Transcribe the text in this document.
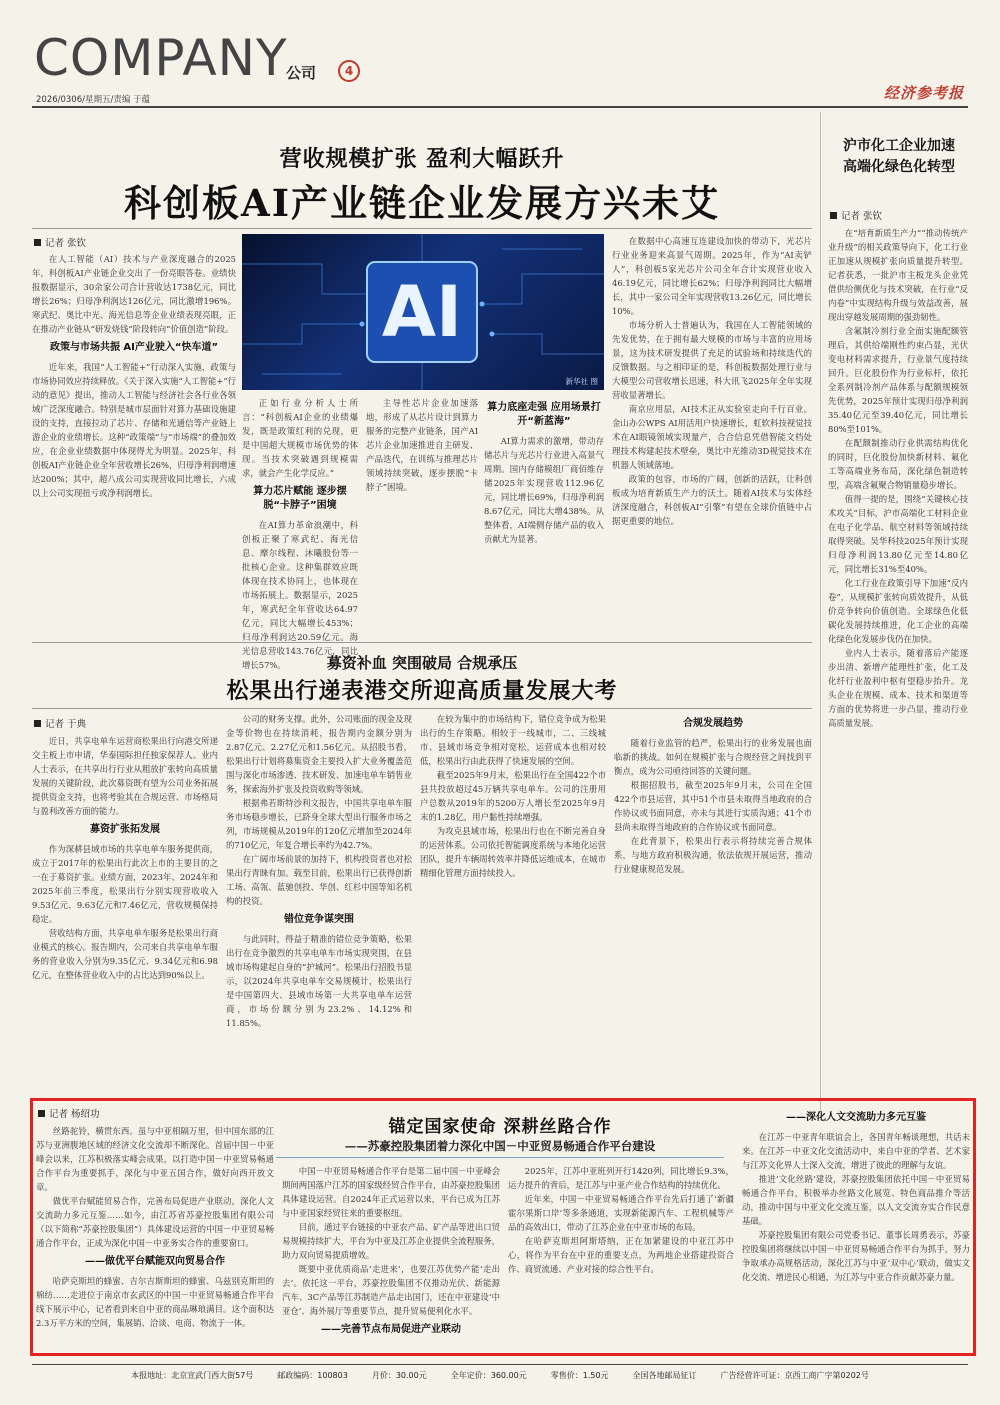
COMPANY
公司	4
2026/0306/星期五/责编 于蕴	经济参考报
营收规模扩张 盈利大幅跃升
科创板AI产业链企业发展方兴未艾
记者 张钦

在人工智能（AI）技术与产业深度融合的2025年，科创板AI产业链企业交出了一份亮眼答卷。业绩快报数据显示，30余家公司合计营收达1738亿元，同比增长26%；归母净利润达126亿元，同比激增196%。寒武纪、奥比中光、海光信息等企业业绩表现亮眼，正在推动产业链从“研发烧钱”阶段转向“价值创造”阶段。

政策与市场共振 AI产业驶入“快车道”

近年来，我国“人工智能+”行动深入实施，政策与市场协同效应持续释放。《关于深入实施“人工智能+”行动的意见》提出，推动人工智能与经济社会各行业各领域广泛深度融合。特别是城市层面针对算力基础设施建设的支持，直接拉动了芯片、存储和光通信等产业链上游企业的业绩增长。这种“政策端”与“市场端”的叠加效应，在企业业绩数据中体现得尤为明显。2025年，科创板AI产业链企业全年营收增长26%，归母净利润增速达200%；其中，超八成公司实现营收同比增长，六成以上公司实现扭亏或净利润增长。

AI
新华社 图

正如行业分析人士所言：“科创板AI企业的业绩爆发，既是政策红利的兑现，更是中国超大规模市场优势的体现。当技术突破遇到规模需求，就会产生化学反应。”

算力芯片赋能 逐步摆脱“卡脖子”困境

在AI算力革命浪潮中，科创板正聚了寒武纪、海光信息、摩尔线程、沐曦股份等一批核心企业。这种集群效应既体现在技术协同上，也体现在市场拓展上。数据显示，2025年，寒武纪全年营收达64.97亿元，同比大幅增长453%；归母净利润达20.59亿元。海光信息营收143.76亿元，同比增长57%。

主导性芯片企业加速落地，形成了从芯片设计到算力服务的完整产业链条，国产AI芯片企业加速推进自主研发、产品迭代，在训练与推理芯片领域持续突破，逐步摆脱“卡脖子”困境。

算力底座走强 应用场景打开“新蓝海”

AI算力需求的激增，带动存储芯片与光芯片行业进入高景气周期。国内存储模组厂商佰维存储2025年实现营收112.96亿元，同比增长69%，归母净利润8.67亿元，同比大增438%。从整体看，AI端侧存储产品的收入贡献尤为显著。

在数据中心高速互连建设加快的带动下，光芯片行业业务迎来高景气周期。2025年，作为“AI卖铲人”，科创板5家光芯片公司全年合计实现营业收入46.19亿元，同比增长62%；归母净利润同比大幅增长，其中一家公司全年实现营收13.26亿元，同比增长10%。

市场分析人士普遍认为，我国在人工智能领域的先发优势，在于拥有最大规模的市场与丰富的应用场景，这为技术研发提供了充足的试验场和持续迭代的反馈数据。与之相印证的是，科创板数据处理行业与大模型公司营收增长迅速，科大讯飞2025年全年实现营收显著增长。

南京应用层，AI技术正从实验室走向千行百业。金山办公WPS AI用活用户快速增长，虹软科技视觉技术在AI眼镜领域实现量产，合合信息凭借智能文档处理技术构建起技术壁垒，奥比中光推动3D视觉技术在机器人领域落地。

政策的包容，市场的广阔，创新的活跃，让科创板成为培育新质生产力的沃土。随着AI技术与实体经济深度融合，科创板AI“引擎”有望在全球价值链中占据更重要的地位。

沪市化工企业加速高端化绿色化转型
记者 张钦

在“培育新质生产力”“推动传统产业升级”的相关政策导向下，化工行业正加速从规模扩张向质量提升转型。记者获悉，一批沪市主板龙头企业凭借供给侧优化与技术突破，在行业“反内卷”中实现结构升级与效益改善，展现出穿越发展周期的强劲韧性。

含氟制冷剂行业全面实施配额管理后，其供给端刚性约束凸显，光伏变电材料需求提升，行业景气度持续回升。巨化股份作为行业标杆，依托全系列制冷剂产品体系与配额规模领先优势，2025年预计实现归母净利润35.40亿元至39.40亿元，同比增长80%至101%。

在配额制推动行业供需结构优化的同时，巨化股份加快新材料、氟化工等高端业务布局，深化绿色制造转型，高端含氟聚合物销量稳步增长。

值得一提的是，围绕“关键核心技术攻关”目标，沪市高端化工材料企业在电子化学品、航空材料等领域持续取得突破。吴华科技2025年预计实现归母净利润13.80亿元至14.80亿元，同比增长31%至40%。

化工行业在政策引导下加速“反内卷”，从规模扩张转向质效提升，从低价竞争转向价值创造。全球绿色化低碳化发展持续推进，化工企业的高端化绿色化发展步伐仍在加快。

业内人士表示，随着落后产能逐步出清、新增产能理性扩张，化工及化纤行业盈利中枢有望稳步抬升。龙头企业在规模、成本、技术和渠道等方面的优势将进一步凸显，推动行业高质量发展。

募资补血 突围破局 合规承压
松果出行递表港交所迎高质量发展大考
记者 于典

近日，共享电单车运营商松果出行向港交所递交主板上市申请，华泰国际担任独家保荐人。业内人士表示，在共享出行行业从粗放扩张转向高质量发展的关键阶段，此次募资既有望为公司业务拓展提供资金支持，也将考验其在合规运营、市场格局与盈利改善方面的能力。

募资扩张拓发展

作为深耕县域市场的共享电单车服务提供商，成立于2017年的松果出行此次上市的主要目的之一在于募资扩张。业绩方面，2023年、2024年和2025年前三季度，松果出行分别实现营收收入9.53亿元、9.63亿元和7.46亿元，营收规模保持稳定。

营收结构方面，共享电单车服务是松果出行商业模式的核心。报告期内，公司来自共享电单车服务的营业收入分别为9.35亿元、9.34亿元和6.98亿元，在整体营业收入中的占比达到90%以上。

公司的财务支撑。此外，公司账面的现金及现金等价物也在持续消耗，报告期内金额分别为2.87亿元、2.27亿元和1.56亿元。从招股书看，松果出行计划将募集资金主要投入扩大业务覆盖范围与深化市场渗透、技术研发、加速电单车销售业务，探索海外扩张及投资收购等领域。

根据弗若斯特沙利文报告，中国共享电单车服务市场稳步增长，已跻身全球大型出行服务市场之列，市场规模从2019年的120亿元增加至2024年的710亿元，年复合增长率约为42.7%。

在广阔市场前景的加持下，机构投资者也对松果出行青睐有加。载至目前，松果出行已获得创新工场、高瓴、蓝驰创投、华创、红杉中国等知名机构的投资。

错位竞争谋突围

与此同时，得益于精准的错位竞争策略，松果出行在竞争激烈的共享电单车市场实现突围，在县域市场构建起自身的“护城河”。松果出行招股书显示，以2024年共享电单车交易规模计，松果出行是中国第四大、县域市场第一大共享电单车运营商，市场份额分别为23.2%、14.12%和11.85%。

在较为集中的市场结构下，错位竞争成为松果出行的生存策略。相较于一线城市，二、三线城市、县域市场竞争相对宽松，运营成本也相对较低，松果出行由此获得了快速发展的空间。

截至2025年9月末，松果出行在全国422个市县共投放超过45万辆共享电单车。公司的注册用户总数从2019年的5200万人增长至2025年9月末的1.28亿，用户黏性持续增强。

为攻克县域市场，松果出行也在不断完善自身的运营体系。公司依托智能调度系统与本地化运营团队，提升车辆周转效率并降低运维成本，在城市精细化管理方面持续投入。

合规发展趋势

随着行业监管的趋严，松果出行的业务发展也面临新的挑战。如何在规模扩张与合规经营之间找到平衡点，成为公司亟待回答的关键问题。

根据招股书，截至2025年9月末，公司在全国422个市县运营，其中51个市县未取得当地政府的合作协议或书面同意，亦未与其进行实质沟通；41个市县尚未取得当地政府的合作协议或书面同意。

在此背景下，松果出行表示将持续完善合规体系，与地方政府积极沟通，依法依规开展运营，推动行业健康规范发展。

记者 杨绍功
锚定国家使命 深耕丝路合作
——苏豪控股集团着力深化中国－中亚贸易畅通合作平台建设

丝路驼铃，横贯东西。虽与中亚相隔万里，但中国东部的江苏与亚洲腹地区域的经济文化交流却不断深化。首届中国－中亚峰会以来，江苏积极落实峰会成果，以打造中国－中亚贸易畅通合作平台为重要抓手，深化与中亚五国合作，做好向西开放文章。

做优平台赋能贸易合作，完善布局促进产业联动，深化人文交流助力多元互鉴……如今，由江苏省苏豪控股集团有限公司（以下简称“苏豪控股集团”）具体建设运营的中国－中亚贸易畅通合作平台，正成为深化中国－中亚务实合作的重要窗口。

——做优平台赋能双向贸易合作

哈萨克斯坦的蜂蜜、吉尔吉斯斯坦的蜂蜜、乌兹别克斯坦的棉纺……走进位于南京市玄武区的中国－中亚贸易畅通合作平台线下展示中心，记者看到来自中亚的商品琳琅满目。这个面积达2.3万平方米的空间，集展销、洽谈、电商、物流于一体。

中国－中亚贸易畅通合作平台是第二届中国－中亚峰会期间两国落户江苏的国家级经贸合作平台，由苏豪控股集团具体建设运营。自2024年正式运营以来，平台已成为江苏与中亚国家经贸往来的重要枢纽。

目前，通过平台链接的中亚农产品、矿产品等进出口贸易规模持续扩大，平台为中亚及江苏企业提供全流程服务，助力双向贸易提质增效。

既要中亚优质商品‘走进来’，也要江苏优势产能‘走出去’。依托这一平台，苏豪控股集团不仅推动光伏、新能源汽车、3C产品等江苏制造产品走出国门，还在中亚建设‘中亚仓’、海外展厅等重要节点，提升贸易便利化水平。

——完善节点布局促进产业联动

2025年，江苏中亚班列开行1420列，同比增长9.3%，运力提升的背后，是江苏与中亚产业合作结构的持续优化。

近年来，中国－中亚贸易畅通合作平台先后打通了‘新疆霍尔果斯口岸’等多条通道，实现新能源汽车、工程机械等产品的高效出口，带动了江苏企业在中亚市场的布局。

在哈萨克斯坦阿斯塔纳，正在加紧建设的中亚江苏中心，将作为平台在中亚的重要支点，为两地企业搭建投资合作、商贸流通、产业对接的综合性平台。

——深化人文交流助力多元互鉴

在江苏－中亚青年联谊会上，各国青年畅谈理想，共话未来。在江苏－中亚文化交流活动中，来自中亚的学者、艺术家与江苏文化界人士深入交流，增进了彼此的理解与友谊。

推进‘文化丝路’建设，苏豪控股集团依托中国－中亚贸易畅通合作平台，积极举办丝路文化展览、特色商品推介等活动，推动中国与中亚文化交流互鉴，以人文交流夯实合作民意基础。

苏豪控股集团有限公司党委书记、董事长周勇表示，苏豪控股集团将继续以中国－中亚贸易畅通合作平台为抓手，努力争取承办高规格活动，深化江苏与中亚‘双中心’联动，做实文化交流、增进民心相通，为江苏与中亚合作贡献苏豪力量。

本报地址：北京宣武门西大街57号　　　邮政编码：100803　　　月价：30.00元　　　全年定价：360.00元　　　零售价：1.50元　　　全国各地邮局征订　　　广告经营许可证：京西工商广字第0202号
